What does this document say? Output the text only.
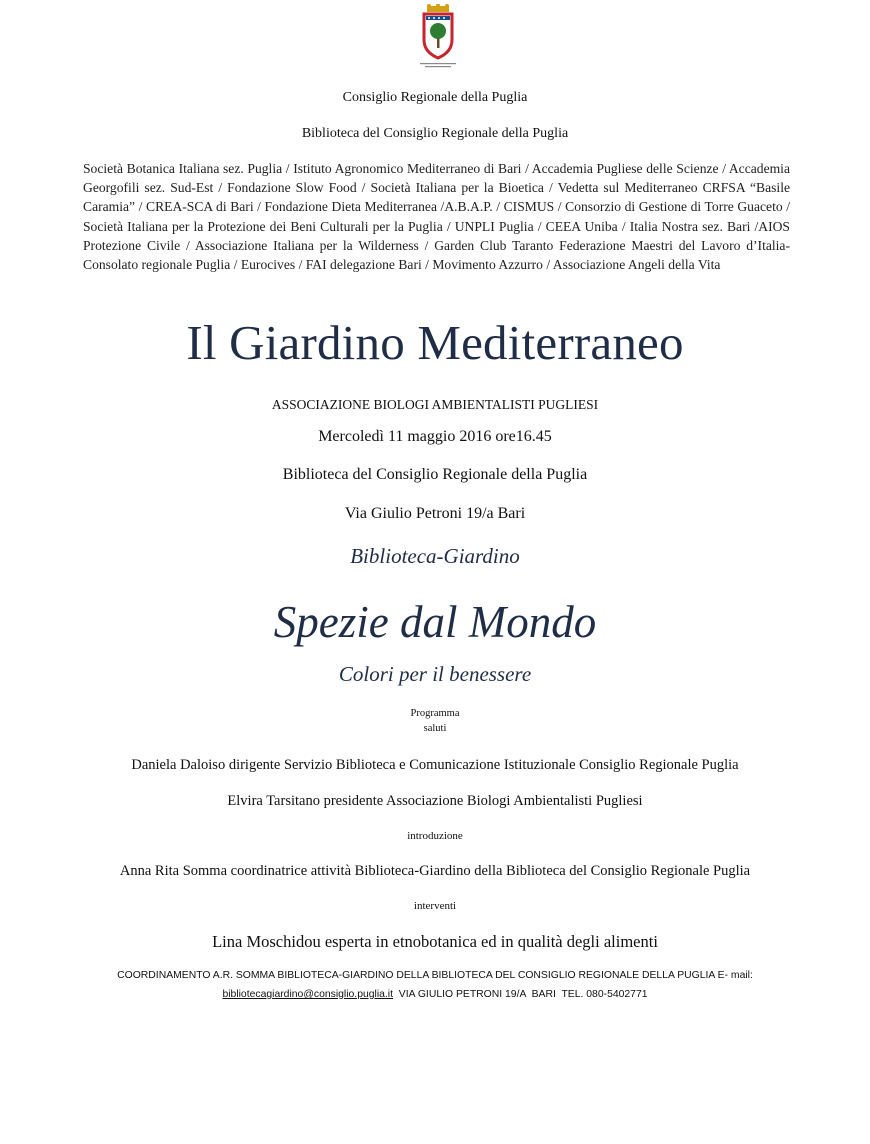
Consiglio Regionale della Puglia
Biblioteca del Consiglio Regionale della Puglia
Società Botanica Italiana sez. Puglia / Istituto Agronomico Mediterraneo di Bari / Accademia Pugliese delle Scienze / Accademia Georgofili sez. Sud-Est / Fondazione Slow Food / Società Italiana per la Bioetica / Vedetta sul Mediterraneo CRFSA “Basile Caramia” / CREA-SCA di Bari / Fondazione Dieta Mediterranea /A.B.A.P. / CISMUS / Consorzio di Gestione di Torre Guaceto / Società Italiana per la Protezione dei Beni Culturali per la Puglia / UNPLI Puglia / CEEA Uniba / Italia Nostra sez. Bari /AIOS Protezione Civile / Associazione Italiana per la Wilderness / Garden Club Taranto Federazione Maestri del Lavoro d’Italia-Consolato regionale Puglia / Eurocives / FAI delegazione Bari / Movimento Azzurro / Associazione Angeli della Vita
Il Giardino Mediterraneo
ASSOCIAZIONE BIOLOGI AMBIENTALISTI PUGLIESI
Mercoledì 11 maggio 2016 ore16.45
Biblioteca del Consiglio Regionale della Puglia
Via Giulio Petroni 19/a Bari
Biblioteca-Giardino
Spezie dal Mondo
Colori per il benessere
Programma
saluti
Daniela Daloiso dirigente Servizio Biblioteca e Comunicazione Istituzionale Consiglio Regionale Puglia
Elvira Tarsitano presidente Associazione Biologi Ambientalisti Pugliesi
introduzione
Anna Rita Somma coordinatrice attività Biblioteca-Giardino della Biblioteca del Consiglio Regionale Puglia
interventi
Lina Moschidou esperta in etnobotanica ed in qualità degli alimenti
COORDINAMENTO A.R. SOMMA BIBLIOTECA-GIARDINO DELLA BIBLIOTECA DEL CONSIGLIO REGIONALE DELLA PUGLIA E- mail:
bibliotecagiardino@consiglio.puglia.it  VIA GIULIO PETRONI 19/A  BARI  TEL. 080-5402771
